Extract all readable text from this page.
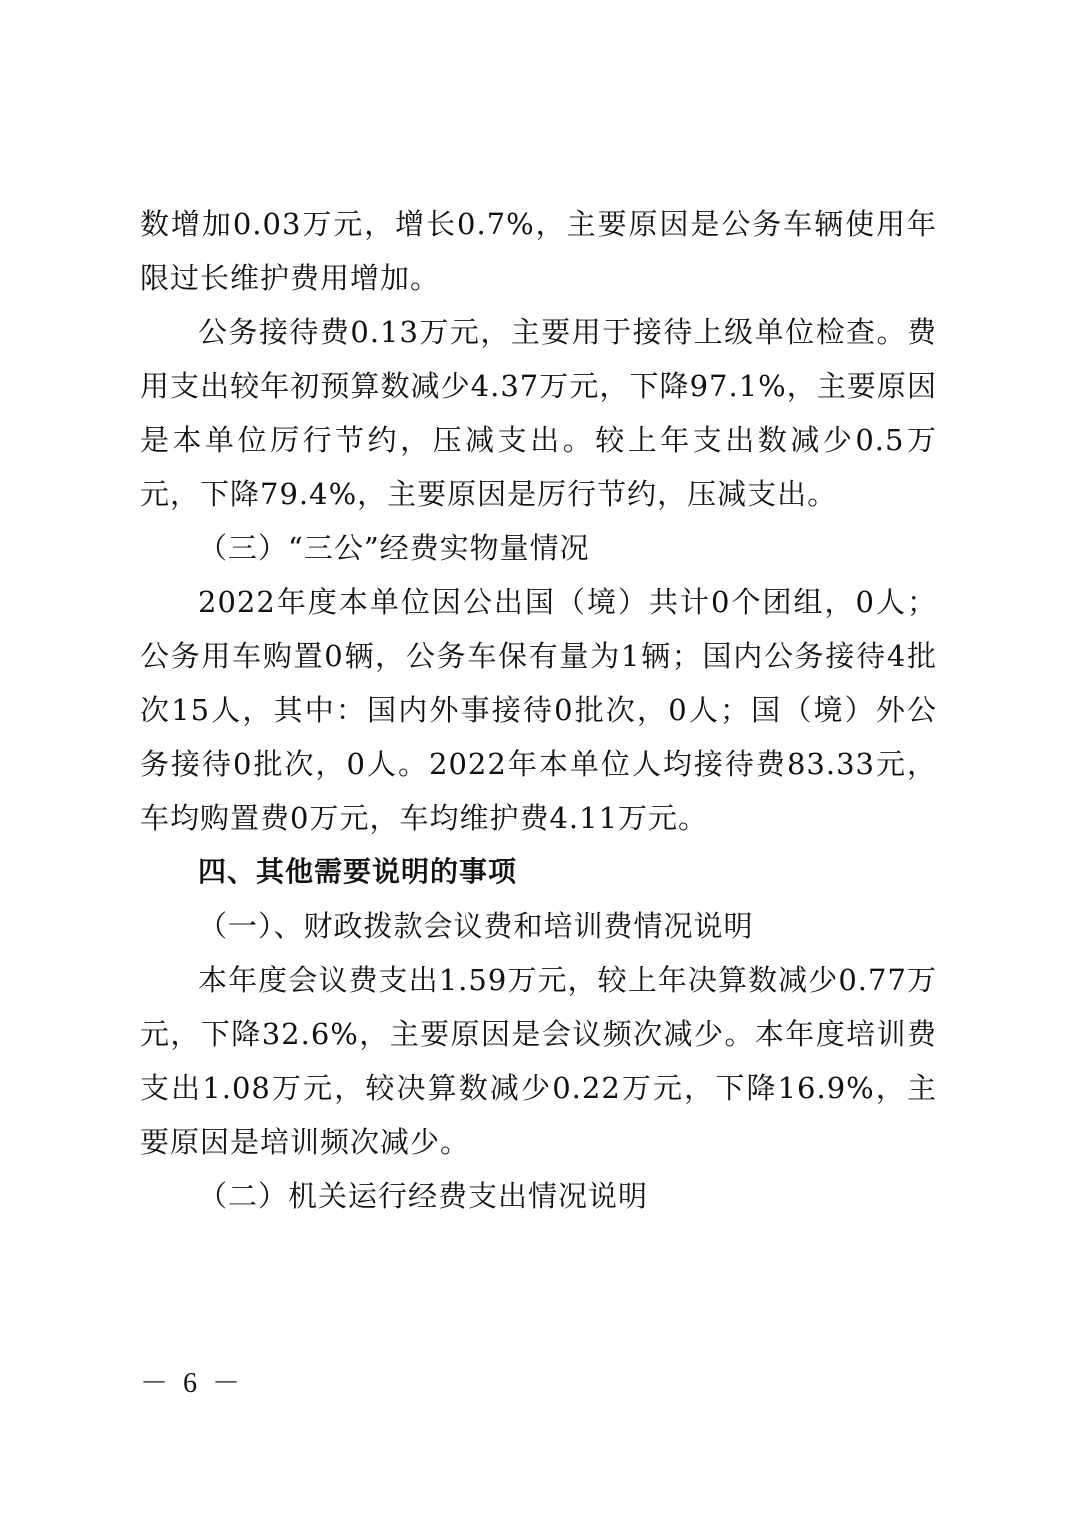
数增加0.03万元，增长0.7%，主要原因是公务车辆使用年限过长维护费用增加。

公务接待费0.13万元，主要用于接待上级单位检查。费用支出较年初预算数减少4.37万元，下降97.1%，主要原因是本单位厉行节约，压减支出。较上年支出数减少0.5万元，下降79.4%，主要原因是厉行节约，压减支出。

（三）“三公”经费实物量情况

2022年度本单位因公出国（境）共计0个团组，0人；公务用车购置0辆，公务车保有量为1辆；国内公务接待4批次15人，其中：国内外事接待0批次，0人；国（境）外公务接待0批次，0人。2022年本单位人均接待费83.33元，车均购置费0万元，车均维护费4.11万元。

四、其他需要说明的事项

（一）、财政拨款会议费和培训费情况说明

本年度会议费支出1.59万元，较上年决算数减少0.77万元，下降32.6%，主要原因是会议频次减少。本年度培训费支出1.08万元，较决算数减少0.22万元，下降16.9%，主要原因是培训频次减少。

（二）机关运行经费支出情况说明

－ 6 －
